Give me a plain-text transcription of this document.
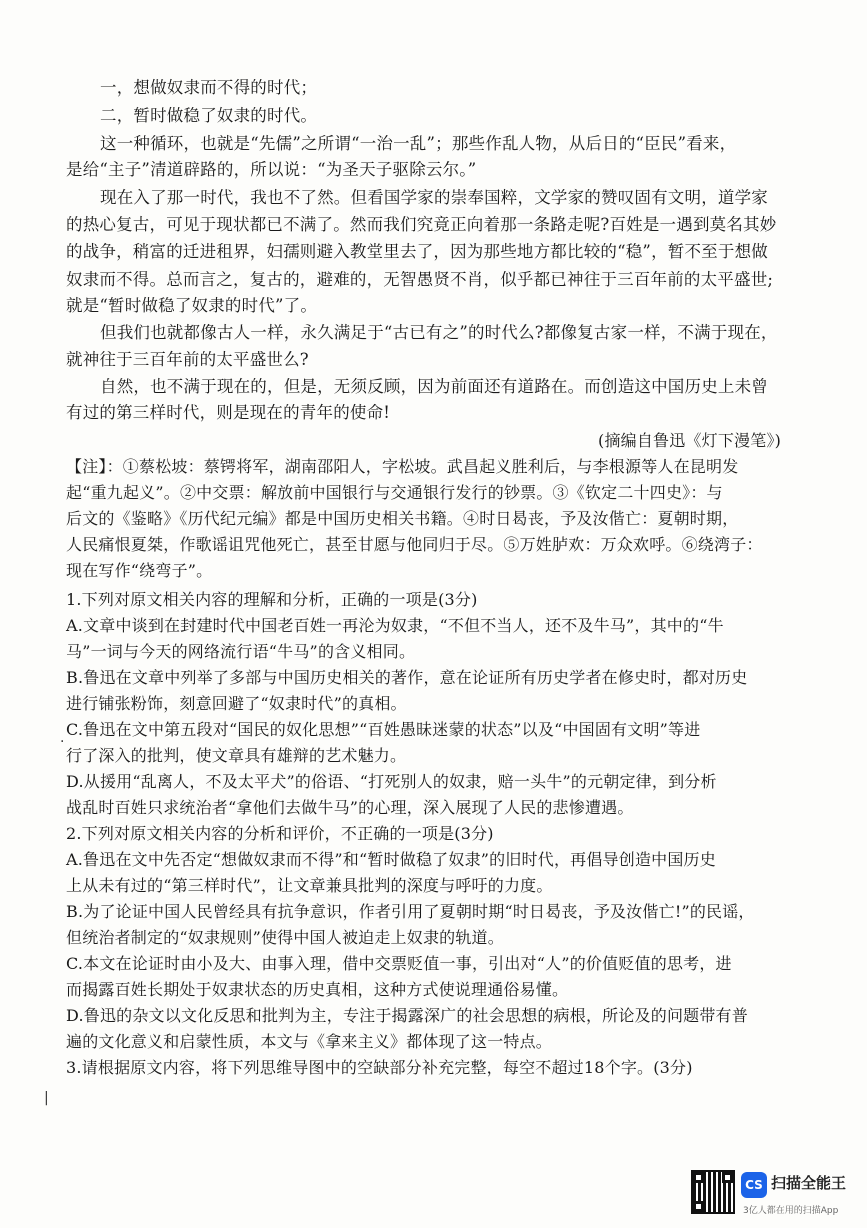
一，想做奴隶而不得的时代；
二，暂时做稳了奴隶的时代。
这一种循环，也就是“先儒”之所谓“一治一乱”；那些作乱人物，从后日的“臣民”看来，
是给“主子”清道辟路的，所以说：“为圣天子驱除云尔。”
现在入了那一时代，我也不了然。但看国学家的崇奉国粹，文学家的赞叹固有文明，道学家
的热心复古，可见于现状都已不满了。然而我们究竟正向着那一条路走呢?百姓是一遇到莫名其妙
的战争，稍富的迁进租界，妇孺则避入教堂里去了，因为那些地方都比较的“稳”，暂不至于想做
奴隶而不得。总而言之，复古的，避难的，无智愚贤不肖，似乎都已神往于三百年前的太平盛世;
就是“暂时做稳了奴隶的时代”了。
但我们也就都像古人一样，永久满足于“古已有之”的时代么?都像复古家一样，不满于现在，
就神往于三百年前的太平盛世么?
自然，也不满于现在的，但是，无须反顾，因为前面还有道路在。而创造这中国历史上未曾
有过的第三样时代，则是现在的青年的使命!
(摘编自鲁迅《灯下漫笔》)
【注】：①蔡松坡：蔡锷将军，湖南邵阳人，字松坡。武昌起义胜利后，与李根源等人在昆明发
起“重九起义”。②中交票：解放前中国银行与交通银行发行的钞票。③《钦定二十四史》：与
后文的《鉴略》《历代纪元编》都是中国历史相关书籍。④时日曷丧，予及汝偕亡：夏朝时期，
人民痛恨夏桀，作歌谣诅咒他死亡，甚至甘愿与他同归于尽。⑤万姓胪欢：万众欢呼。⑥绕湾子：
现在写作“绕弯子”。
1.下列对原文相关内容的理解和分析，正确的一项是(3分)
A.文章中谈到在封建时代中国老百姓一再沦为奴隶，“不但不当人，还不及牛马”，其中的“牛
马”一词与今天的网络流行语“牛马”的含义相同。
B.鲁迅在文章中列举了多部与中国历史相关的著作，意在论证所有历史学者在修史时，都对历史
进行铺张粉饰，刻意回避了“奴隶时代”的真相。
C.鲁迅在文中第五段对“国民的奴化思想”“百姓愚昧迷蒙的状态”以及“中国固有文明”等进
行了深入的批判，使文章具有雄辩的艺术魅力。
D.从援用“乱离人，不及太平犬”的俗语、“打死别人的奴隶，赔一头牛”的元朝定律，到分析
战乱时百姓只求统治者“拿他们去做牛马”的心理，深入展现了人民的悲惨遭遇。
2.下列对原文相关内容的分析和评价，不正确的一项是(3分)
A.鲁迅在文中先否定“想做奴隶而不得”和“暂时做稳了奴隶”的旧时代，再倡导创造中国历史
上从未有过的“第三样时代”，让文章兼具批判的深度与呼吁的力度。
B.为了论证中国人民曾经具有抗争意识，作者引用了夏朝时期“时日曷丧，予及汝偕亡!”的民谣，
但统治者制定的“奴隶规则”使得中国人被迫走上奴隶的轨道。
C.本文在论证时由小及大、由事入理，借中交票贬值一事，引出对“人”的价值贬值的思考，进
而揭露百姓长期处于奴隶状态的历史真相，这种方式使说理通俗易懂。
D.鲁迅的杂文以文化反思和批判为主，专注于揭露深广的社会思想的病根，所论及的问题带有普
遍的文化意义和启蒙性质，本文与《拿来主义》都体现了这一特点。
3.请根据原文内容，将下列思维导图中的空缺部分补充完整，每空不超过18个字。(3分)
·
|
CS 扫描全能王
3亿人都在用的扫描App
